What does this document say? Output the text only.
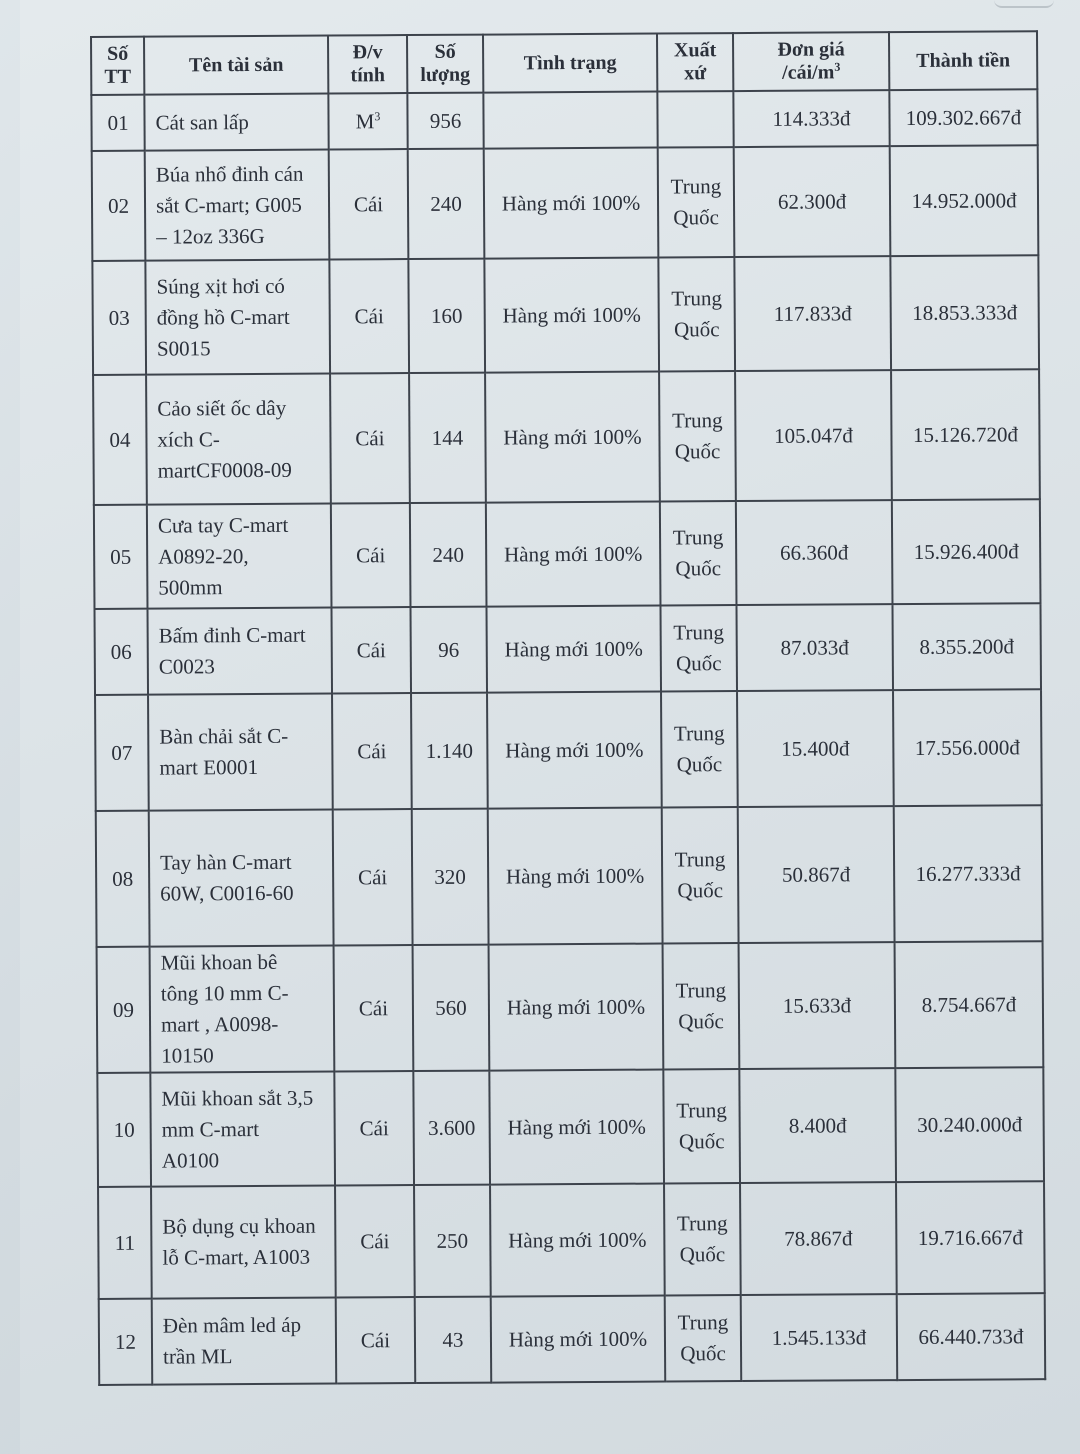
Số
TT	Tên tài sản	Đ/v
tính	Số
lượng	Tình trạng	Xuất
xứ	Đơn giá
$/cái/m^3$	Thành tiền
01	Cát san lấp	$M^3$	956			114.333đ	109.302.667đ
02	Búa nhổ đinh cán
sắt C-mart; G005
– 12oz 336G	Cái	240	Hàng mới 100%	Trung
Quốc	62.300đ	14.952.000đ
03	Súng xịt hơi có
đồng hồ C-mart
S0015	Cái	160	Hàng mới 100%	Trung
Quốc	117.833đ	18.853.333đ
04	Cảo siết ốc dây
xích C-
martCF0008-09	Cái	144	Hàng mới 100%	Trung
Quốc	105.047đ	15.126.720đ
05	Cưa tay C-mart
A0892-20,
500mm	Cái	240	Hàng mới 100%	Trung
Quốc	66.360đ	15.926.400đ
06	Bấm đinh C-mart
C0023	Cái	96	Hàng mới 100%	Trung
Quốc	87.033đ	8.355.200đ
07	Bàn chải sắt C-
mart E0001	Cái	1.140	Hàng mới 100%	Trung
Quốc	15.400đ	17.556.000đ
08	Tay hàn C-mart
60W, C0016-60	Cái	320	Hàng mới 100%	Trung
Quốc	50.867đ	16.277.333đ
09	Mũi khoan bê
tông 10 mm C-
mart , A0098-
10150	Cái	560	Hàng mới 100%	Trung
Quốc	15.633đ	8.754.667đ
10	Mũi khoan sắt 3,5
mm C-mart
A0100	Cái	3.600	Hàng mới 100%	Trung
Quốc	8.400đ	30.240.000đ
11	Bộ dụng cụ khoan
lỗ C-mart, A1003	Cái	250	Hàng mới 100%	Trung
Quốc	78.867đ	19.716.667đ
12	Đèn mâm led áp
trần ML	Cái	43	Hàng mới 100%	Trung
Quốc	1.545.133đ	66.440.733đ
